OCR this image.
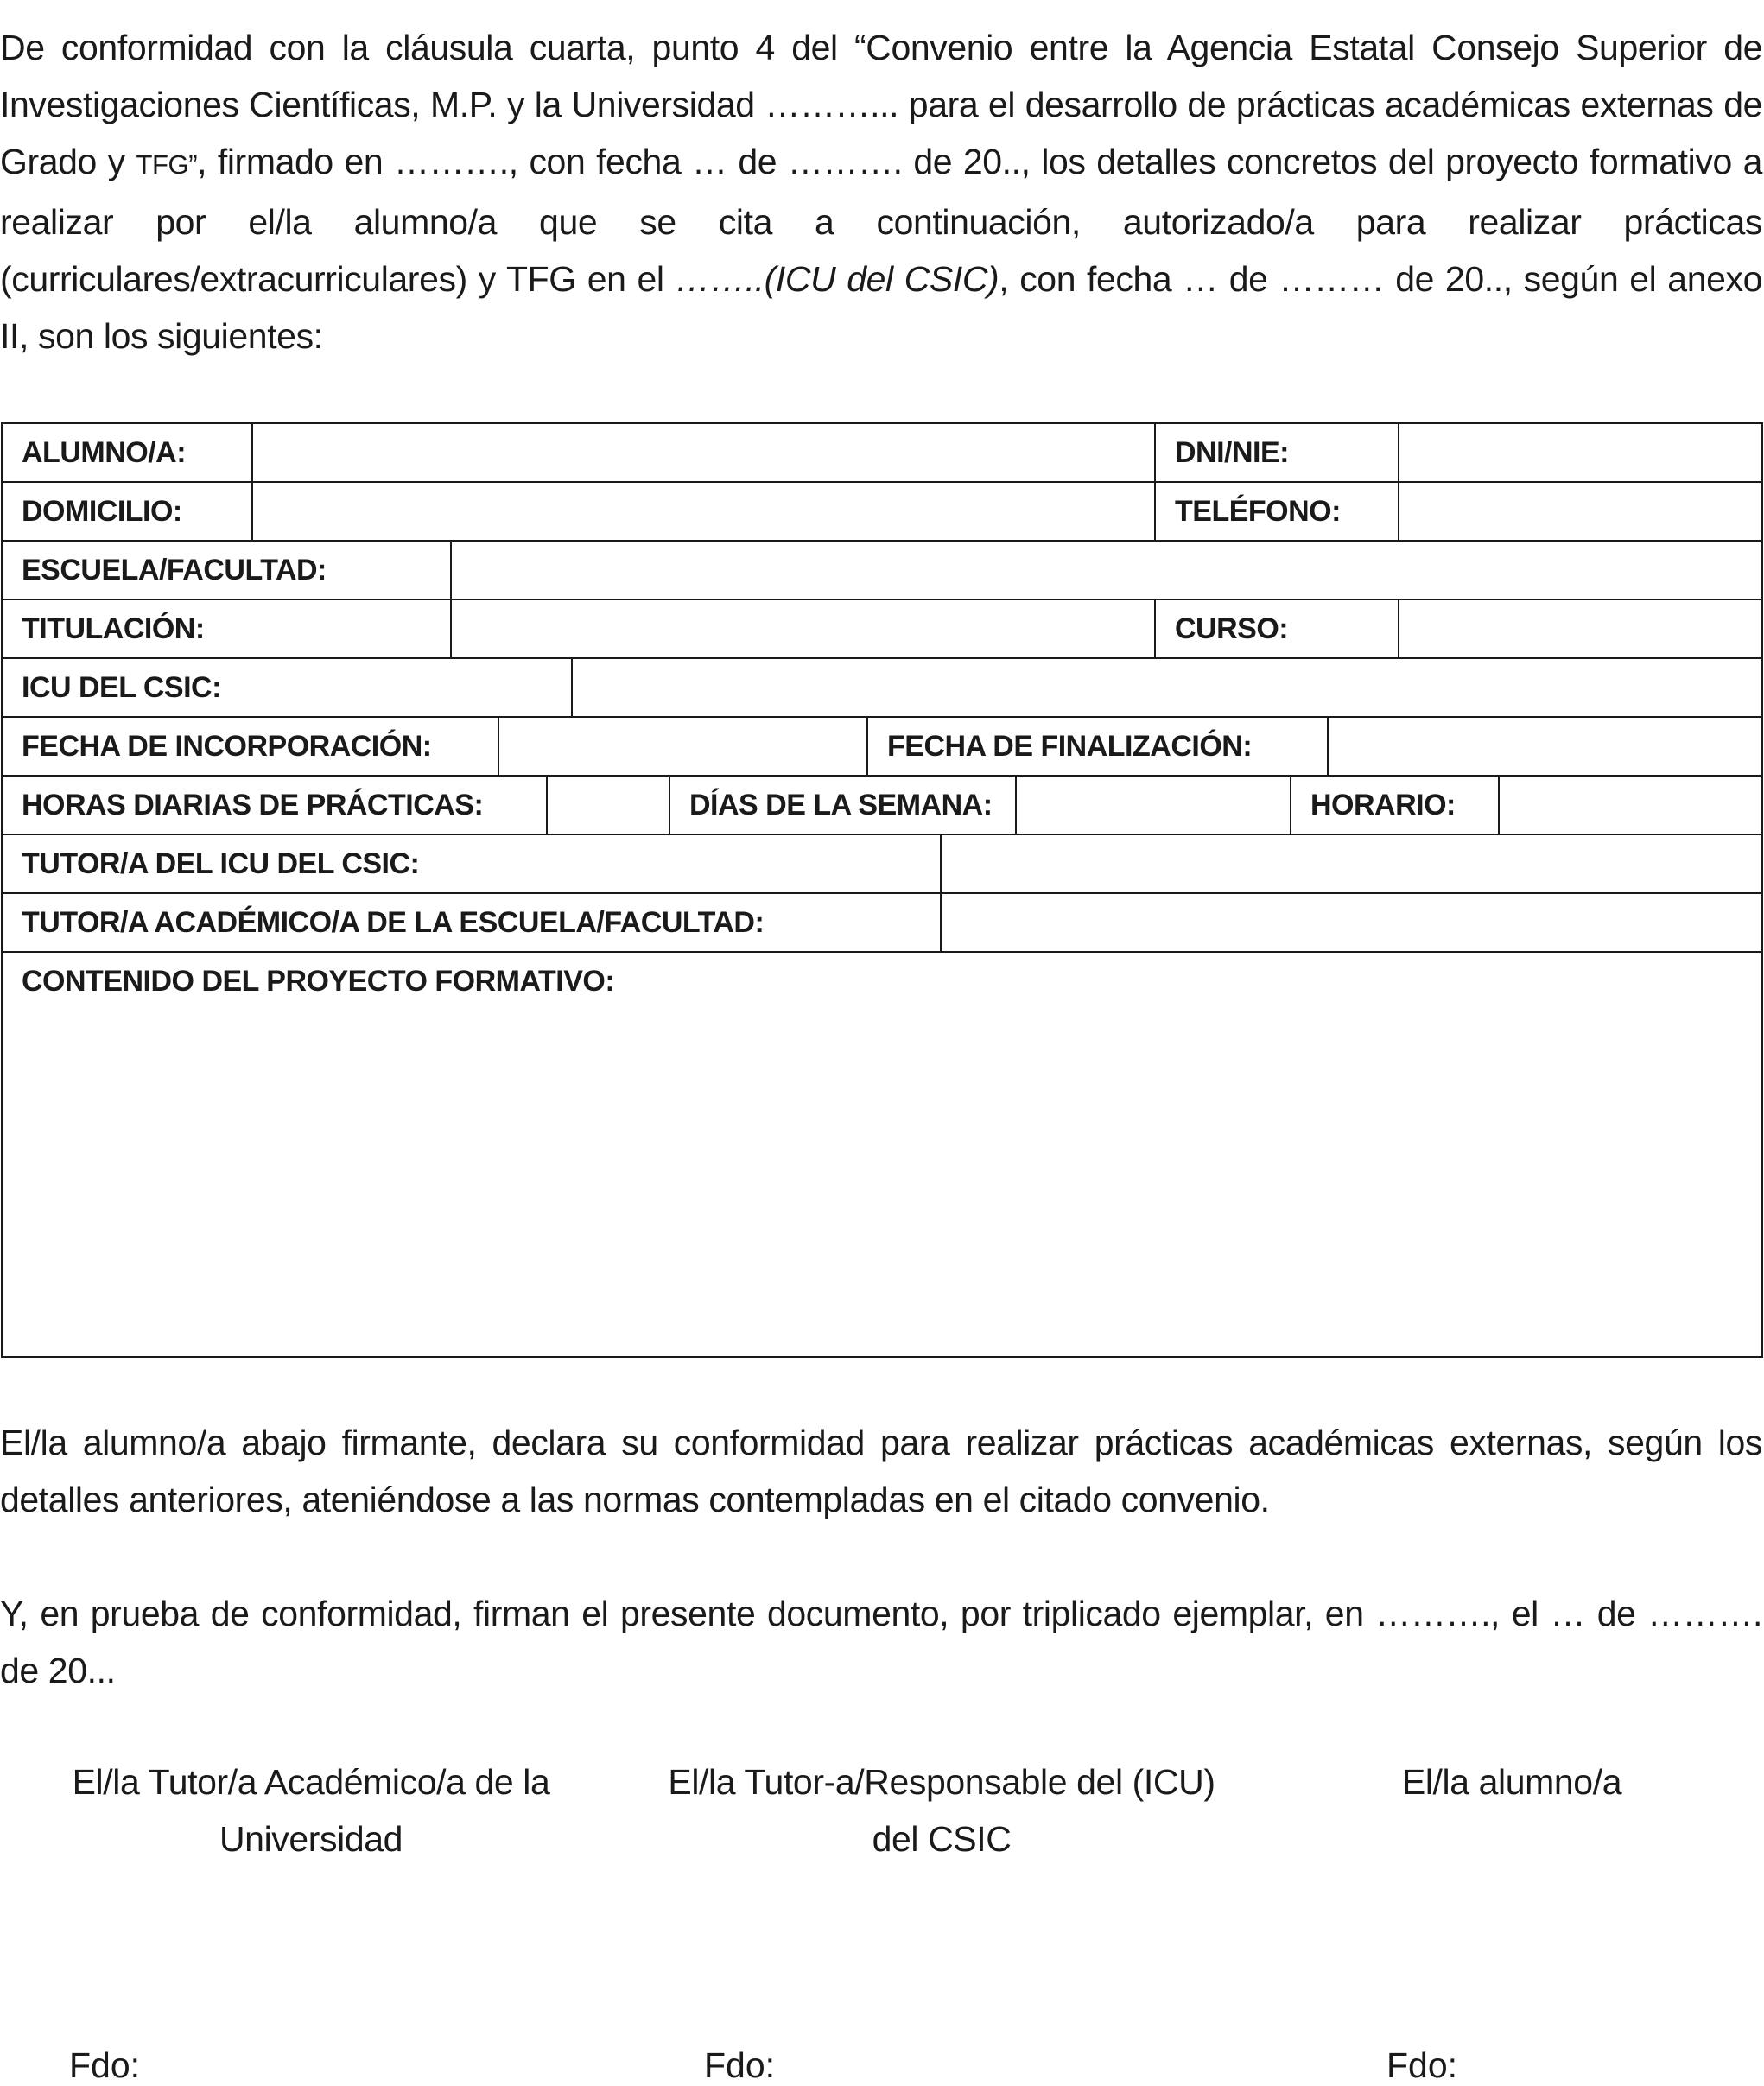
De conformidad con la cláusula cuarta, punto 4 del “Convenio entre la Agencia Estatal Consejo Superior de Investigaciones Científicas, M.P. y la Universidad ………... para el desarrollo de prácticas académicas externas de Grado y TFG”, firmado en ………., con fecha … de ………. de 20.., los detalles concretos del proyecto formativo a realizar por el/la alumno/a que se cita a continuación, autorizado/a para realizar prácticas (curriculares/extracurriculares) y TFG en el ……..(ICU del CSIC), con fecha … de ……… de 20.., según el anexo II, son los siguientes:
ALUMNO/A:	DNI/NIE:
DOMICILIO:	TELÉFONO:
ESCUELA/FACULTAD:
TITULACIÓN:	CURSO:
ICU DEL CSIC:
FECHA DE INCORPORACIÓN:	FECHA DE FINALIZACIÓN:
HORAS DIARIAS DE PRÁCTICAS:	DÍAS DE LA SEMANA:	HORARIO:
TUTOR/A DEL ICU DEL CSIC:
TUTOR/A ACADÉMICO/A DE LA ESCUELA/FACULTAD:
CONTENIDO DEL PROYECTO FORMATIVO:
El/la alumno/a abajo firmante, declara su conformidad para realizar prácticas académicas externas, según los detalles anteriores, ateniéndose a las normas contempladas en el citado convenio.
Y, en prueba de conformidad, firman el presente documento, por triplicado ejemplar, en ………., el … de ………. de 20...
El/la Tutor/a Académico/a de la Universidad
El/la Tutor-a/Responsable del (ICU) del CSIC
El/la alumno/a
Fdo:	Fdo:	Fdo:
